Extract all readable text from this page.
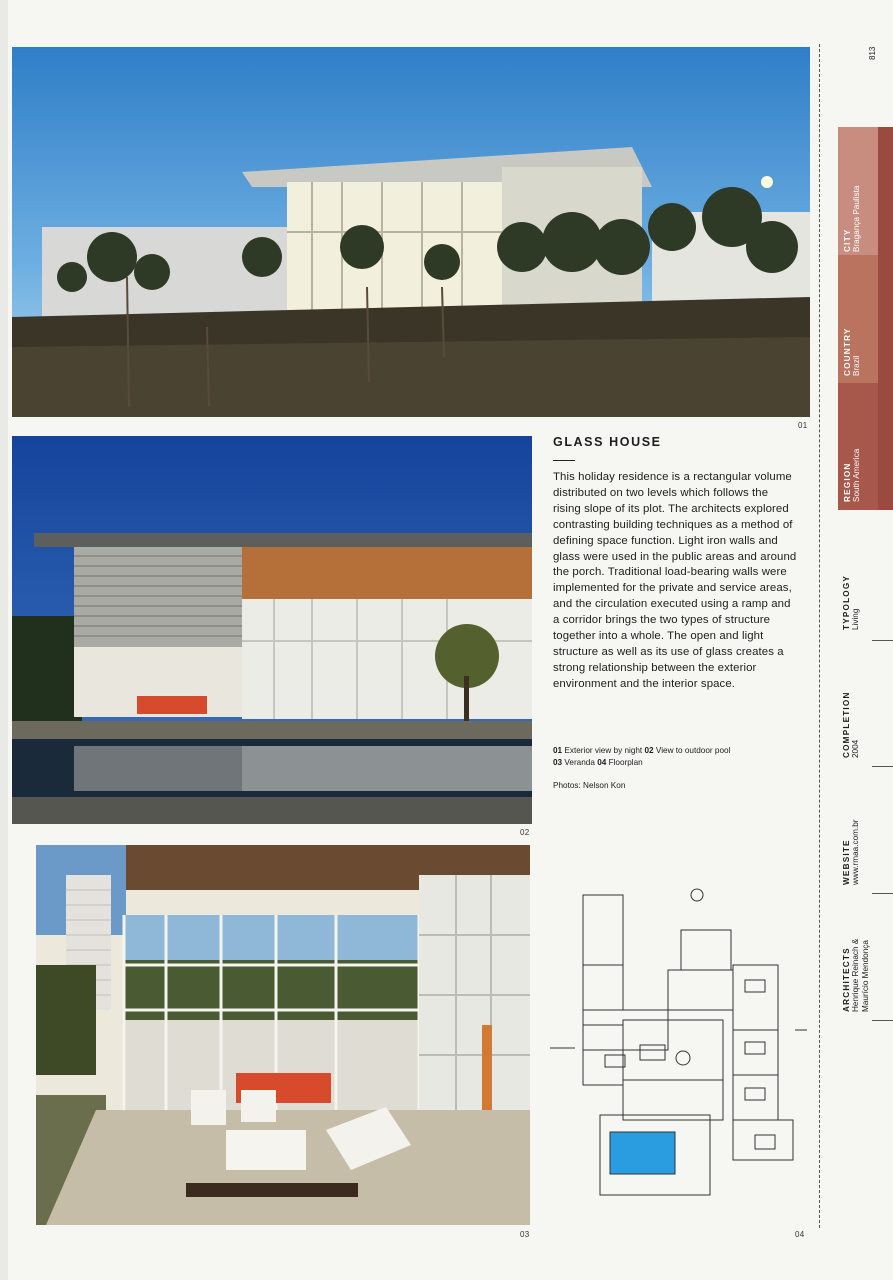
01
02
03
GLASS HOUSE
This holiday residence is a rectangular volume distributed on two levels which follows the rising slope of its plot. The architects explored contrasting building techniques as a method of defining space function. Light iron walls and glass were used in the public areas and around the porch. Traditional load-bearing walls were implemented for the private and service areas, and the circulation executed using a ramp and a corridor brings the two types of structure together into a whole. The open and light structure as well as its use of glass creates a strong relationship between the exterior environment and the interior space.
01 Exterior view by night 02 View to outdoor pool
03 Veranda 04 Floorplan
Photos: Nelson Kon
04
813
CITY Bragança Paulista
COUNTRY Brazil
REGION South America
TYPOLOGY Living
COMPLETION 2004
WEBSITE www.rmaa.com.br
ARCHITECTS Henrique Reinach & Maurício Mendonça
